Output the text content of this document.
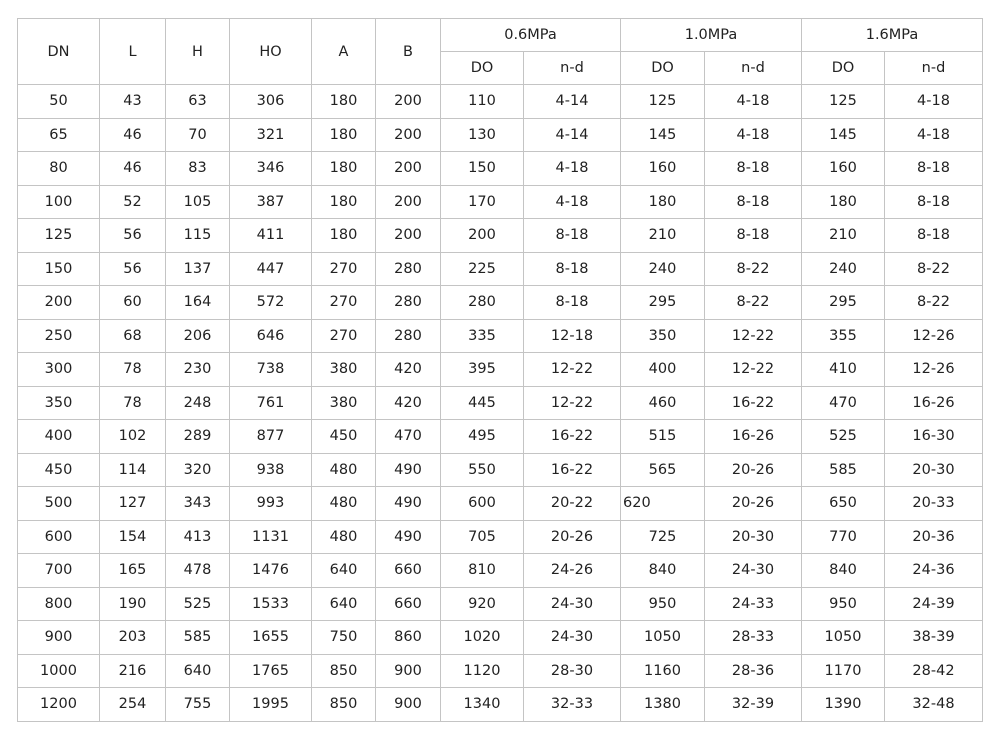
DN	L	H	HO	A	B	0.6MPa		1.0MPa		1.6MPa	
						DO	n-d	DO	n-d	DO	n-d
50	43	63	306	180	200	110	4-14	125	4-18	125	4-18
65	46	70	321	180	200	130	4-14	145	4-18	145	4-18
80	46	83	346	180	200	150	4-18	160	8-18	160	8-18
100	52	105	387	180	200	170	4-18	180	8-18	180	8-18
125	56	115	411	180	200	200	8-18	210	8-18	210	8-18
150	56	137	447	270	280	225	8-18	240	8-22	240	8-22
200	60	164	572	270	280	280	8-18	295	8-22	295	8-22
250	68	206	646	270	280	335	12-18	350	12-22	355	12-26
300	78	230	738	380	420	395	12-22	400	12-22	410	12-26
350	78	248	761	380	420	445	12-22	460	16-22	470	16-26
400	102	289	877	450	470	495	16-22	515	16-26	525	16-30
450	114	320	938	480	490	550	16-22	565	20-26	585	20-30
500	127	343	993	480	490	600	20-22	620	20-26	650	20-33
600	154	413	1131	480	490	705	20-26	725	20-30	770	20-36
700	165	478	1476	640	660	810	24-26	840	24-30	840	24-36
800	190	525	1533	640	660	920	24-30	950	24-33	950	24-39
900	203	585	1655	750	860	1020	24-30	1050	28-33	1050	38-39
1000	216	640	1765	850	900	1120	28-30	1160	28-36	1170	28-42
1200	254	755	1995	850	900	1340	32-33	1380	32-39	1390	32-48
